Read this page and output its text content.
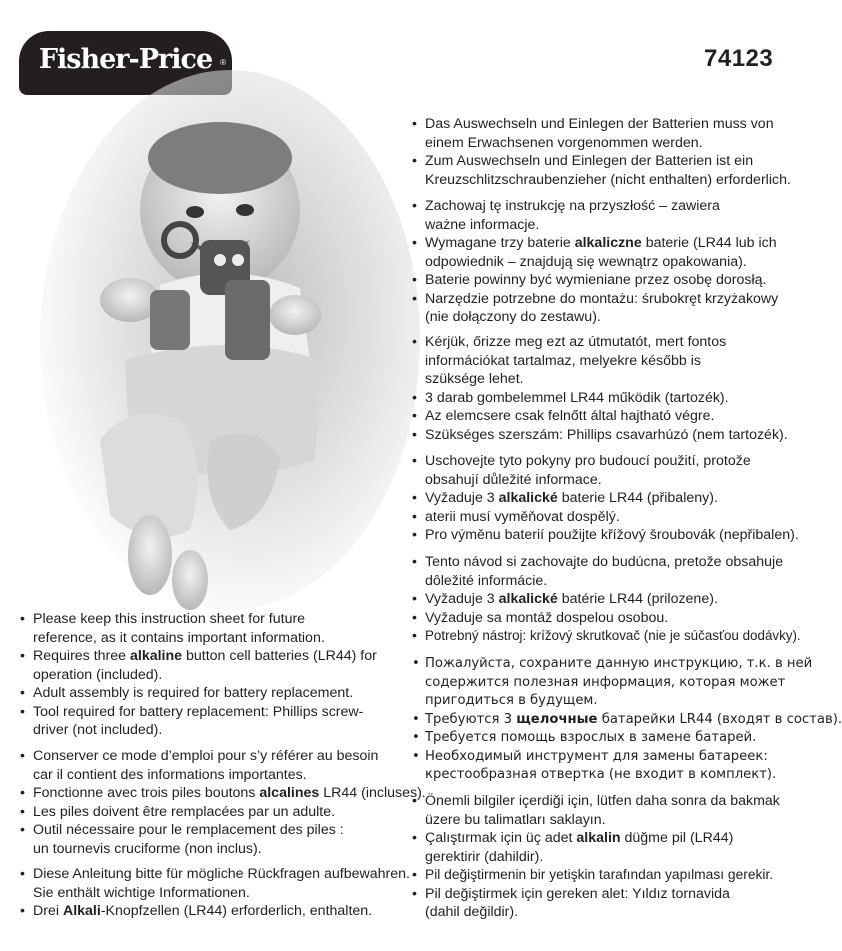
Fisher-Price ®	74123
• Please keep this instruction sheet for future
reference, as it contains important information.
• Requires three alkaline button cell batteries (LR44) for
operation (included).
• Adult assembly is required for battery replacement.
• Tool required for battery replacement: Phillips screw-
driver (not included).
• Conserver ce mode d’emploi pour s’y référer au besoin
car il contient des informations importantes.
• Fonctionne avec trois piles boutons alcalines LR44 (incluses).
• Les piles doivent être remplacées par un adulte.
• Outil nécessaire pour le remplacement des piles :
un tournevis cruciforme (non inclus).
• Diese Anleitung bitte für mögliche Rückfragen aufbewahren.
Sie enthält wichtige Informationen.
• Drei Alkali-Knopfzellen (LR44) erforderlich, enthalten.
• Das Auswechseln und Einlegen der Batterien muss von
einem Erwachsenen vorgenommen werden.
• Zum Auswechseln und Einlegen der Batterien ist ein
Kreuzschlitzschraubenzieher (nicht enthalten) erforderlich.
• Zachowaj tę instrukcję na przyszłość – zawiera
ważne informacje.
• Wymagane trzy baterie alkaliczne baterie (LR44 lub ich
odpowiednik – znajdują się wewnątrz opakowania).
• Baterie powinny być wymieniane przez osobę dorosłą.
• Narzędzie potrzebne do montażu: śrubokręt krzyżakowy
(nie dołączony do zestawu).
• Kérjük, őrizze meg ezt az útmutatót, mert fontos
információkat tartalmaz, melyekre később is
szüksége lehet.
• 3 darab gombelemmel LR44 működik (tartozék).
• Az elemcsere csak felnőtt által hajtható végre.
• Szükséges szerszám: Phillips csavarhúzó (nem tartozék).
• Uschovejte tyto pokyny pro budoucí použití, protože
obsahují důležité informace.
• Vyžaduje 3 alkalické baterie LR44 (přibaleny).
• aterii musí vyměňovat dospělý.
• Pro výměnu baterií použijte křížový šroubovák (nepřibalen).
• Tento návod si zachovajte do budúcna, pretože obsahuje
dôležité informácie.
• Vyžaduje 3 alkalické batérie LR44 (prilozene).
• Vyžaduje sa montáž dospelou osobou.
• Potrebný nástroj: krížový skrutkovač (nie je súčasťou dodávky).
• Пожалуйста, сохраните данную инструкцию, т.к. в ней
содержится полезная информация, которая может
пригодиться в будущем.
• Требуются 3 щелочные батарейки LR44 (входят в состав).
• Требуется помощь взрослых в замене батарей.
• Необходимый инструмент для замены батареек:
крестообразная отвертка (не входит в комплект).
• Önemli bilgiler içerdiği için, lütfen daha sonra da bakmak
üzere bu talimatları saklayın.
• Çalıştırmak için üç adet alkalin düğme pil (LR44)
gerektirir (dahildir).
• Pil değiştirmenin bir yetişkin tarafından yapılması gerekir.
• Pil değiştirmek için gereken alet: Yıldız tornavida
(dahil değildir).
